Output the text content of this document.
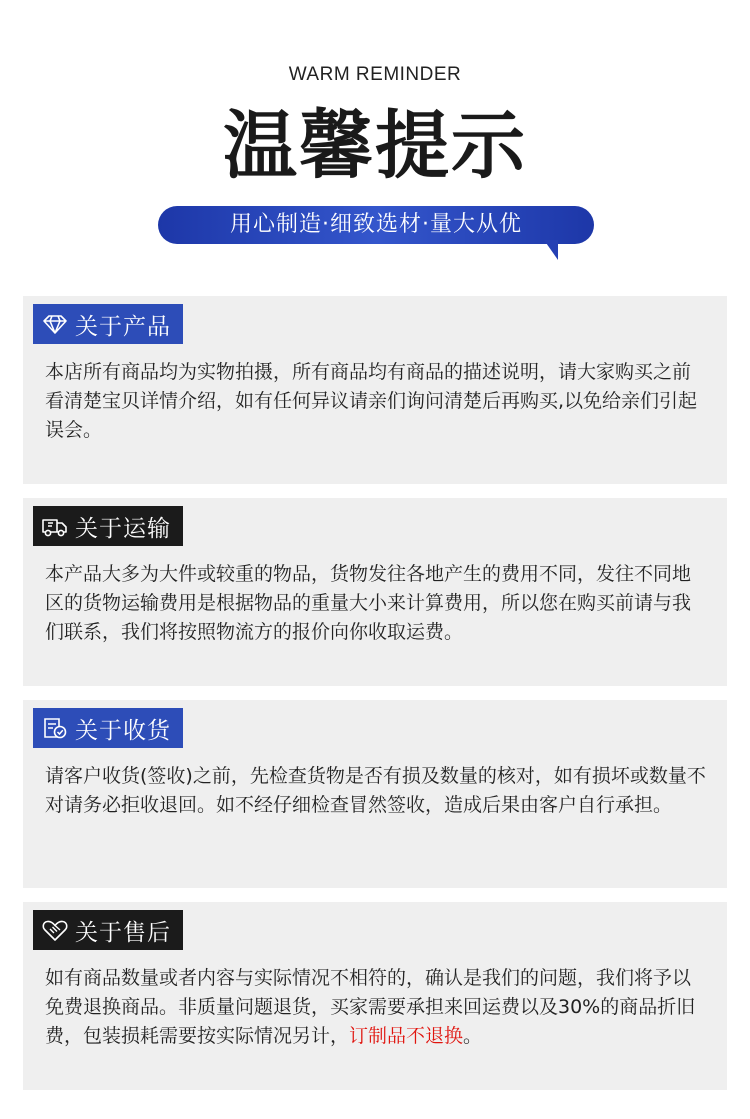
WARM REMINDER
温馨提示
用心制造·细致选材·量大从优
关于产品
本店所有商品均为实物拍摄，所有商品均有商品的描述说明，请大家购买之前看清楚宝贝详情介绍，如有任何异议请亲们询问清楚后再购买,以免给亲们引起误会。
关于运输
本产品大多为大件或较重的物品，货物发往各地产生的费用不同，发往不同地区的货物运输费用是根据物品的重量大小来计算费用，所以您在购买前请与我们联系，我们将按照物流方的报价向你收取运费。
关于收货
请客户收货(签收)之前，先检查货物是否有损及数量的核对，如有损坏或数量不对请务必拒收退回。如不经仔细检查冒然签收，造成后果由客户自行承担。
关于售后
如有商品数量或者内容与实际情况不相符的，确认是我们的问题，我们将予以免费退换商品。非质量问题退货，买家需要承担来回运费以及30%的商品折旧费，包装损耗需要按实际情况另计，订制品不退换。
